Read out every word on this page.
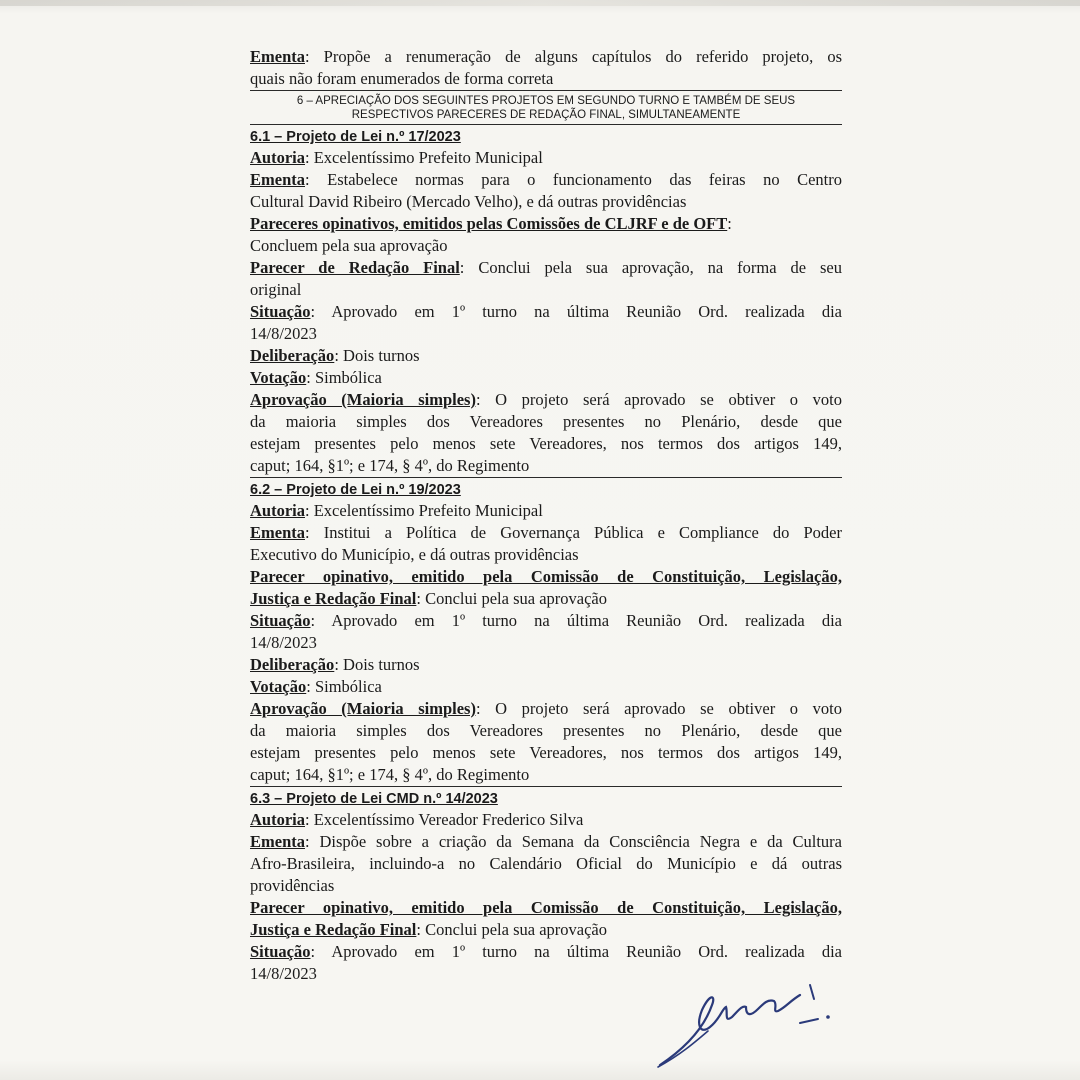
Ementa: Propõe a renumeração de alguns capítulos do referido projeto, os
quais não foram enumerados de forma correta
6 – APRECIAÇÃO DOS SEGUINTES PROJETOS EM SEGUNDO TURNO E TAMBÉM DE SEUS
RESPECTIVOS PARECERES DE REDAÇÃO FINAL, SIMULTANEAMENTE
6.1 – Projeto de Lei n.º 17/2023
Autoria: Excelentíssimo Prefeito Municipal
Ementa: Estabelece normas para o funcionamento das feiras no Centro
Cultural David Ribeiro (Mercado Velho), e dá outras providências
Pareceres opinativos, emitidos pelas Comissões de CLJRF e de OFT:
Concluem pela sua aprovação
Parecer de Redação Final: Conclui pela sua aprovação, na forma de seu
original
Situação: Aprovado em 1º turno na última Reunião Ord. realizada dia
14/8/2023
Deliberação: Dois turnos
Votação: Simbólica
Aprovação (Maioria simples): O projeto será aprovado se obtiver o voto
da maioria simples dos Vereadores presentes no Plenário, desde que
estejam presentes pelo menos sete Vereadores, nos termos dos artigos 149,
caput; 164, §1º; e 174, § 4º, do Regimento
6.2 – Projeto de Lei n.º 19/2023
Autoria: Excelentíssimo Prefeito Municipal
Ementa: Institui a Política de Governança Pública e Compliance do Poder
Executivo do Município, e dá outras providências
Parecer opinativo, emitido pela Comissão de Constituição, Legislação,
Justiça e Redação Final: Conclui pela sua aprovação
Situação: Aprovado em 1º turno na última Reunião Ord. realizada dia
14/8/2023
Deliberação: Dois turnos
Votação: Simbólica
Aprovação (Maioria simples): O projeto será aprovado se obtiver o voto
da maioria simples dos Vereadores presentes no Plenário, desde que
estejam presentes pelo menos sete Vereadores, nos termos dos artigos 149,
caput; 164, §1º; e 174, § 4º, do Regimento
6.3 – Projeto de Lei CMD n.º 14/2023
Autoria: Excelentíssimo Vereador Frederico Silva
Ementa: Dispõe sobre a criação da Semana da Consciência Negra e da Cultura
Afro-Brasileira, incluindo-a no Calendário Oficial do Município e dá outras
providências
Parecer opinativo, emitido pela Comissão de Constituição, Legislação,
Justiça e Redação Final: Conclui pela sua aprovação
Situação: Aprovado em 1º turno na última Reunião Ord. realizada dia
14/8/2023
